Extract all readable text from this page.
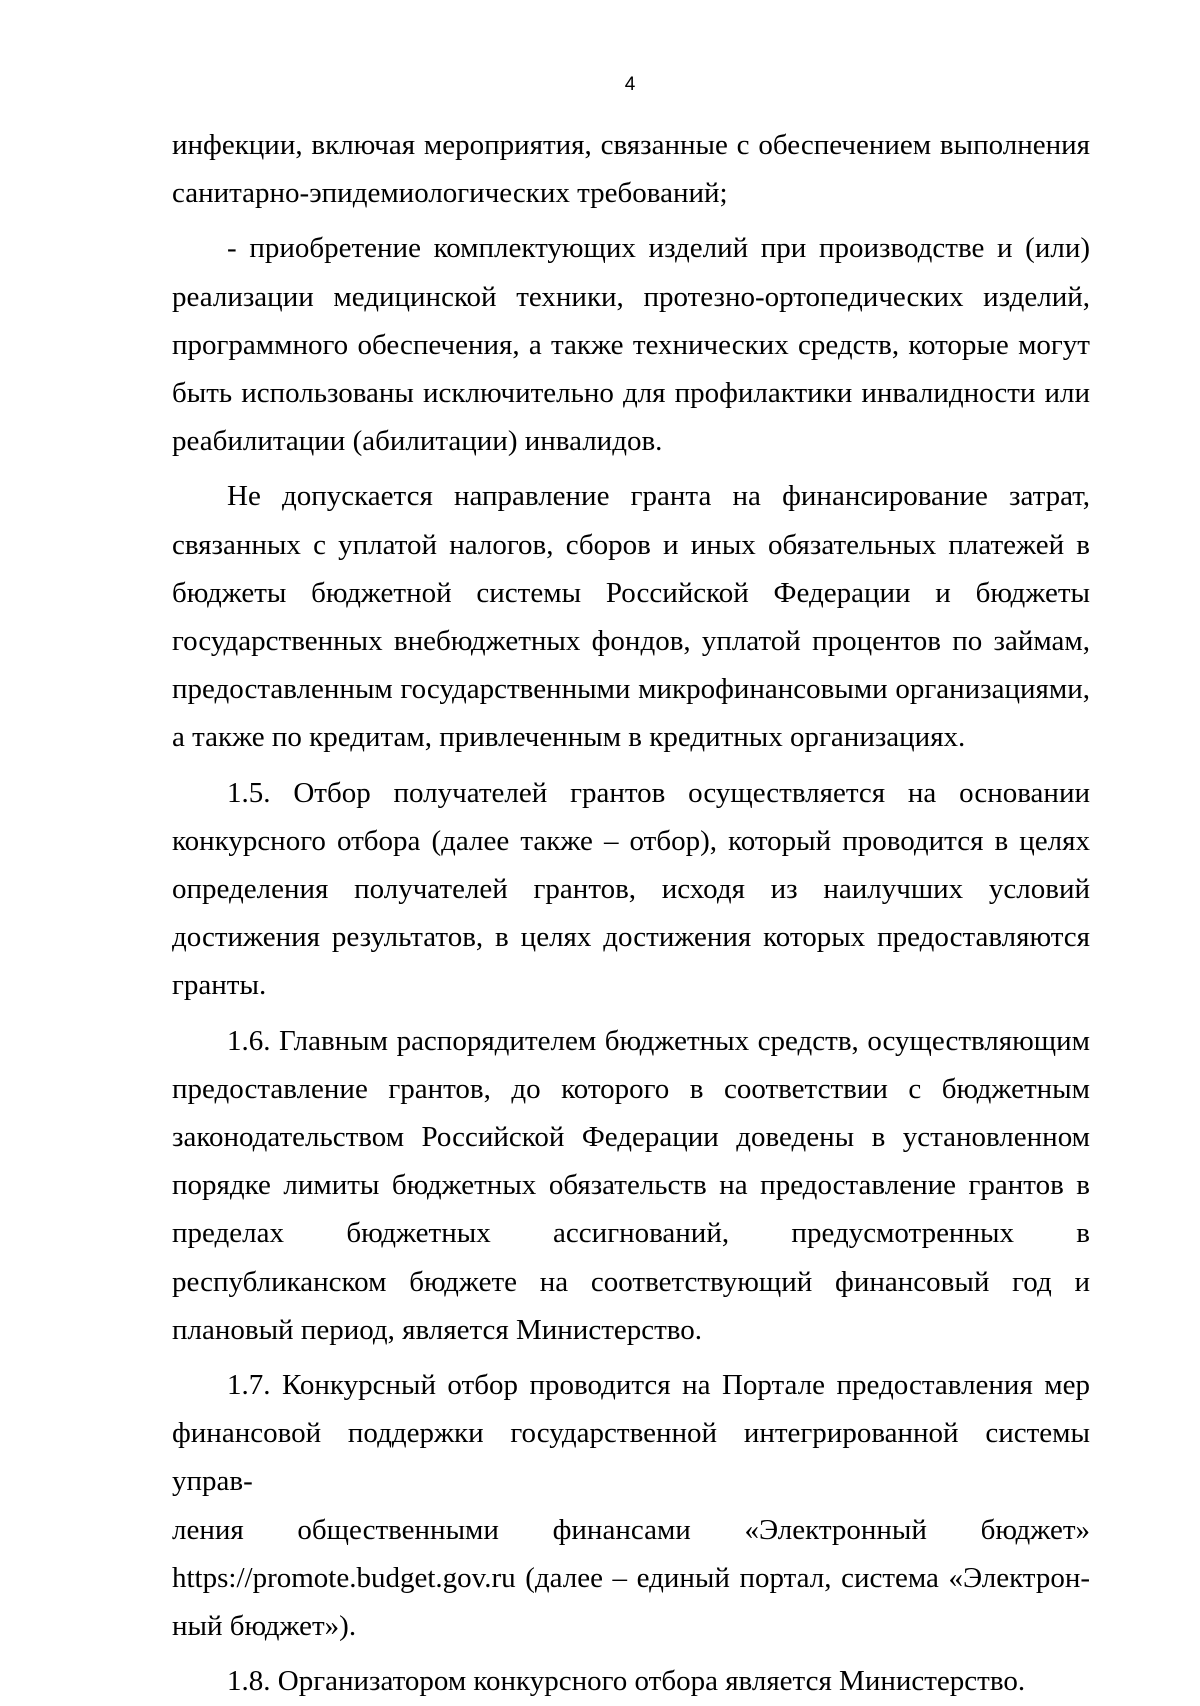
4

инфекции, включая мероприятия, связанные с обеспечением выполнения санитарно-эпидемиологических требований;

- приобретение комплектующих изделий при производстве и (или) реализации медицинской техники, протезно-ортопедических изделий, программного обеспечения, а также технических средств, которые могут быть использованы исключительно для профилактики инвалидности или реабилитации (абилитации) инвалидов.

Не допускается направление гранта на финансирование затрат, связанных с уплатой налогов, сборов и иных обязательных платежей в бюджеты бюджетной системы Российской Федерации и бюджеты государственных внебюджетных фондов, уплатой процентов по займам, предоставленным государственными микрофинансовыми организациями, а также по кредитам, привлеченным в кредитных организациях.

1.5. Отбор получателей грантов осуществляется на основании конкурсного отбора (далее также – отбор), который проводится в целях определения получателей грантов, исходя из наилучших условий достижения результатов, в целях достижения которых предоставляются гранты.

1.6. Главным распорядителем бюджетных средств, осуществляющим предоставление грантов, до которого в соответствии с бюджетным законодательством Российской Федерации доведены в установленном порядке лимиты бюджетных обязательств на предоставление грантов в пределах бюджетных ассигнований, предусмотренных в республиканском бюджете на соответствующий финансовый год и плановый период, является Министерство.

1.7. Конкурсный отбор проводится на Портале предоставления мер
финансовой поддержки государственной интегрированной системы управ-
ления общественными финансами «Электронный бюджет»
https://promote.budget.gov.ru (далее – единый портал, система «Электрон-
ный бюджет»).

1.8. Организатором конкурсного отбора является Министерство.
